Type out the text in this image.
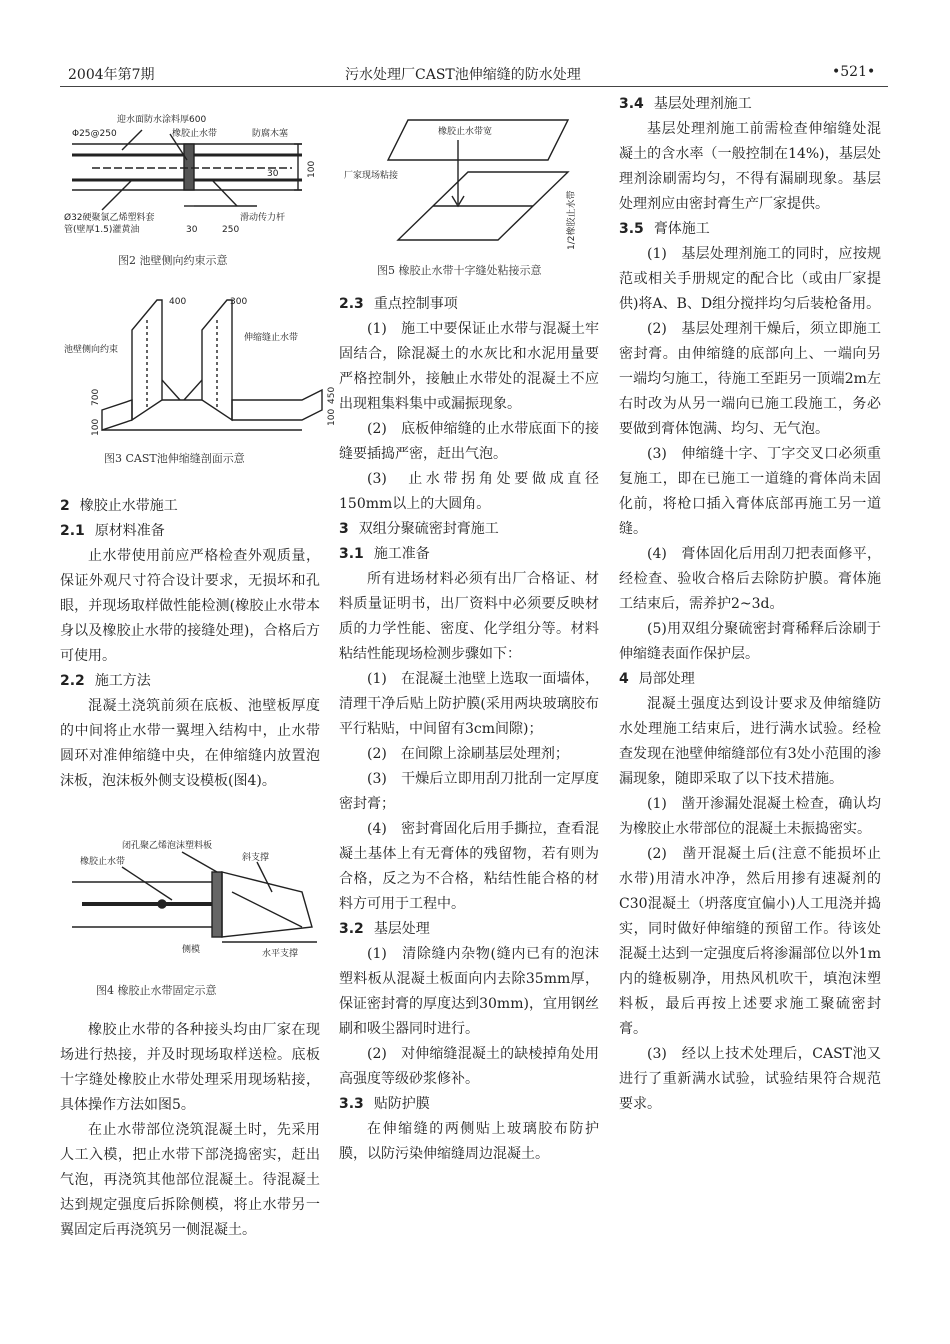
2004年第7期	污水处理厂CAST池伸缩缝的防水处理	•521•
迎水面防水涂料厚600
Φ25@250	橡胶止水带	防腐木塞
Ø32硬聚氯乙烯塑料套
管(壁厚1.5)灌黄油
滑动传力杆
100
30
30	250
图2 池壁侧向约束示意
400	300
池壁侧向约束
伸缩缝止水带
700
100
450
100
图3 CAST池伸缩缝剖面示意
2 橡胶止水带施工
2.1 原材料准备

止水带使用前应严格检查外观质量，保证外观尺寸符合设计要求，无损坏和孔眼，并现场取样做性能检测(橡胶止水带本身以及橡胶止水带的接缝处理)，合格后方可使用。

2.2 施工方法

混凝土浇筑前须在底板、池壁板厚度的中间将止水带一翼埋入结构中，止水带圆环对准伸缩缝中央，在伸缩缝内放置泡沫板，泡沫板外侧支设模板(图4)。

闭孔聚乙烯泡沫塑料板
橡胶止水带	斜支撑
侧模	水平支撑
图4 橡胶止水带固定示意

橡胶止水带的各种接头均由厂家在现场进行热接，并及时现场取样送检。底板十字缝处橡胶止水带处理采用现场粘接，具体操作方法如图5。

在止水带部位浇筑混凝土时，先采用人工入模，把止水带下部浇捣密实，赶出气泡，再浇筑其他部位混凝土。待混凝土达到规定强度后拆除侧模，将止水带另一翼固定后再浇筑另一侧混凝土。

橡胶止水带宽
厂家现场粘接
1/2橡胶止水带
图5 橡胶止水带十字缝处粘接示意
2.3 重点控制事项

(1)　施工中要保证止水带与混凝土牢固结合，除混凝土的水灰比和水泥用量要严格控制外，接触止水带处的混凝土不应出现粗集料集中或漏振现象。

(2)　底板伸缩缝的止水带底面下的接缝要插捣严密，赶出气泡。

(3)　止水带拐角处要做成直径150mm以上的大圆角。

3 双组分聚硫密封膏施工
3.1 施工准备

所有进场材料必须有出厂合格证、材料质量证明书，出厂资料中必须要反映材质的力学性能、密度、化学组分等。材料粘结性能现场检测步骤如下：

(1)　在混凝土池壁上选取一面墙体，清理干净后贴上防护膜(采用两块玻璃胶布平行粘贴，中间留有3cm间隙)；

(2)　在间隙上涂刷基层处理剂；

(3)　干燥后立即用刮刀批刮一定厚度密封膏；

(4)　密封膏固化后用手撕拉，查看混凝土基体上有无膏体的残留物，若有则为合格，反之为不合格，粘结性能合格的材料方可用于工程中。

3.2 基层处理

(1)　清除缝内杂物(缝内已有的泡沫塑料板从混凝土板面向内去除35mm厚，保证密封膏的厚度达到30mm)，宜用钢丝刷和吸尘器同时进行。

(2)　对伸缩缝混凝土的缺棱掉角处用高强度等级砂浆修补。

3.3 贴防护膜

在伸缩缝的两侧贴上玻璃胶布防护膜，以防污染伸缩缝周边混凝土。

3.4 基层处理剂施工

基层处理剂施工前需检查伸缩缝处混凝土的含水率（一般控制在14%)，基层处理剂涂刷需均匀，不得有漏刷现象。基层处理剂应由密封膏生产厂家提供。

3.5 膏体施工

(1)　基层处理剂施工的同时，应按规范或相关手册规定的配合比（或由厂家提供)将A、B、D组分搅拌均匀后装枪备用。

(2)　基层处理剂干燥后，须立即施工密封膏。由伸缩缝的底部向上、一端向另一端均匀施工，待施工至距另一顶端2m左右时改为从另一端向已施工段施工，务必要做到膏体饱满、均匀、无气泡。

(3)　伸缩缝十字、丁字交叉口必须重复施工，即在已施工一道缝的膏体尚未固化前，将枪口插入膏体底部再施工另一道缝。

(4)　膏体固化后用刮刀把表面修平，经检查、验收合格后去除防护膜。膏体施工结束后，需养护2~3d。

(5)用双组分聚硫密封膏稀释后涂刷于伸缩缝表面作保护层。

4 局部处理

混凝土强度达到设计要求及伸缩缝防水处理施工结束后，进行满水试验。经检查发现在池壁伸缩缝部位有3处小范围的渗漏现象，随即采取了以下技术措施。

(1)　凿开渗漏处混凝土检查，确认均为橡胶止水带部位的混凝土未振捣密实。

(2)　凿开混凝土后(注意不能损坏止水带)用清水冲净，然后用掺有速凝剂的C30混凝土（坍落度宜偏小)人工甩浇并捣实，同时做好伸缩缝的预留工作。待该处混凝土达到一定强度后将渗漏部位以外1m内的缝板剔净，用热风机吹干，填泡沫塑料板，最后再按上述要求施工聚硫密封膏。

(3)　经以上技术处理后，CAST池又进行了重新满水试验，试验结果符合规范要求。
